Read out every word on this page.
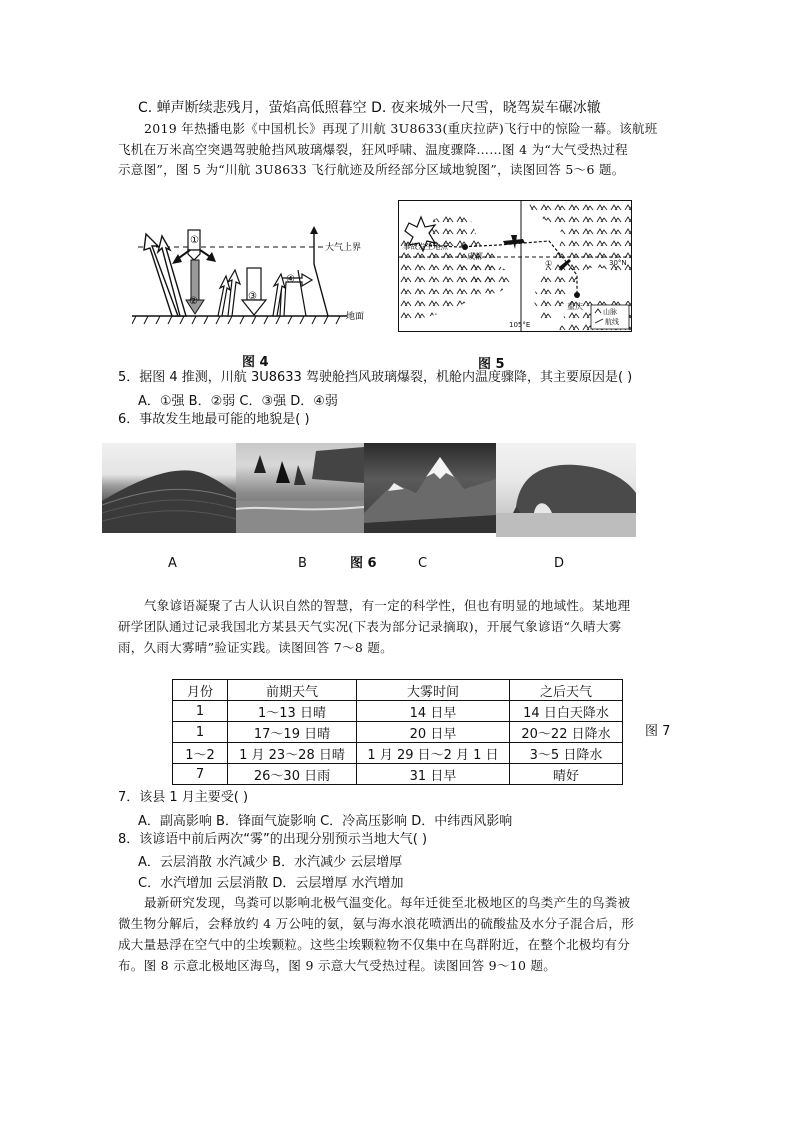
C. 蝉声断续悲残月，萤焰高低照暮空 D. 夜来城外一尺雪，晓驾炭车碾冰辙
2019 年热播电影《中国机长》再现了川航 3U8633(重庆拉萨)飞行中的惊险一幕。该航班
飞机在万米高空突遇驾驶舱挡风玻璃爆裂，狂风呼啸、温度骤降……图 4 为“大气受热过程
示意图”，图 5 为“川航 3U8633 飞行航迹及所经部分区域地貌图”，读图回答 5～6 题。
①
②	③
④
大气上界
地面
图 4
事故发生地点
成都
重庆
30°N
105°E
山脉
航线
①
图 5
5．据图 4 推测，川航 3U8633 驾驶舱挡风玻璃爆裂，机舱内温度骤降，其主要原因是( )
A．①强 B．②弱 C．③强 D．④弱
6．事故发生地最可能的地貌是( )
A	B	图 6	C	D
气象谚语凝聚了古人认识自然的智慧，有一定的科学性，但也有明显的地域性。某地理
研学团队通过记录我国北方某县天气实况(下表为部分记录摘取)，开展气象谚语“久晴大雾
雨，久雨大雾晴”验证实践。读图回答 7～8 题。
月份	前期天气	大雾时间	之后天气
1	1～13 日晴	14 日早	14 日白天降水
1	17～19 日晴	20 日早	20～22 日降水
1～2	1 月 23～28 日晴	1 月 29 日～2 月 1 日	3～5 日降水
7	26～30 日雨	31 日早	晴好
图 7
7．该县 1 月主要受( )
A．副高影响 B．锋面气旋影响 C．冷高压影响 D．中纬西风影响
8．该谚语中前后两次“雾”的出现分别预示当地大气( )
A．云层消散 水汽减少 B．水汽减少 云层增厚
C．水汽增加 云层消散 D．云层增厚 水汽增加
最新研究发现，鸟粪可以影响北极气温变化。每年迁徙至北极地区的鸟类产生的鸟粪被
微生物分解后，会释放约 4 万公吨的氨，氨与海水浪花喷洒出的硫酸盐及水分子混合后，形
成大量悬浮在空气中的尘埃颗粒。这些尘埃颗粒物不仅集中在鸟群附近，在整个北极均有分
布。图 8 示意北极地区海鸟，图 9 示意大气受热过程。读图回答 9～10 题。
